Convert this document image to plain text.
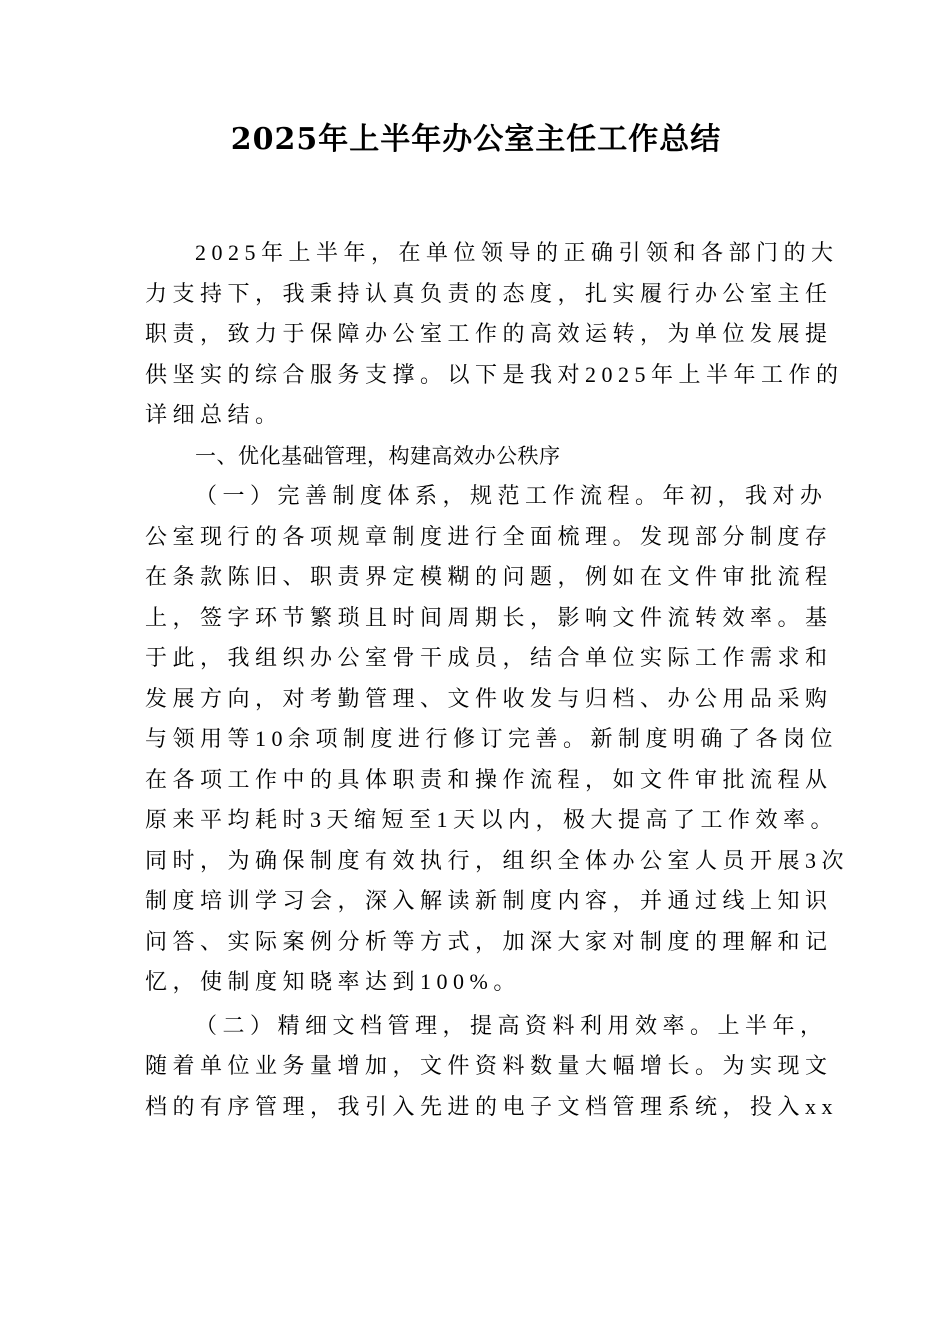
2025年上半年办公室主任工作总结
2025年上半年，在单位领导的正确引领和各部门的大
力支持下，我秉持认真负责的态度，扎实履行办公室主任
职责，致力于保障办公室工作的高效运转，为单位发展提
供坚实的综合服务支撑。以下是我对2025年上半年工作的
详细总结。
一、优化基础管理，构建高效办公秩序
（一）完善制度体系，规范工作流程。年初，我对办
公室现行的各项规章制度进行全面梳理。发现部分制度存
在条款陈旧、职责界定模糊的问题，例如在文件审批流程
上，签字环节繁琐且时间周期长，影响文件流转效率。基
于此，我组织办公室骨干成员，结合单位实际工作需求和
发展方向，对考勤管理、文件收发与归档、办公用品采购
与领用等10余项制度进行修订完善。新制度明确了各岗位
在各项工作中的具体职责和操作流程，如文件审批流程从
原来平均耗时3天缩短至1天以内，极大提高了工作效率。
同时，为确保制度有效执行，组织全体办公室人员开展3次
制度培训学习会，深入解读新制度内容，并通过线上知识
问答、实际案例分析等方式，加深大家对制度的理解和记
忆，使制度知晓率达到100%。
（二）精细文档管理，提高资料利用效率。上半年，
随着单位业务量增加，文件资料数量大幅增长。为实现文
档的有序管理，我引入先进的电子文档管理系统，投入xx
